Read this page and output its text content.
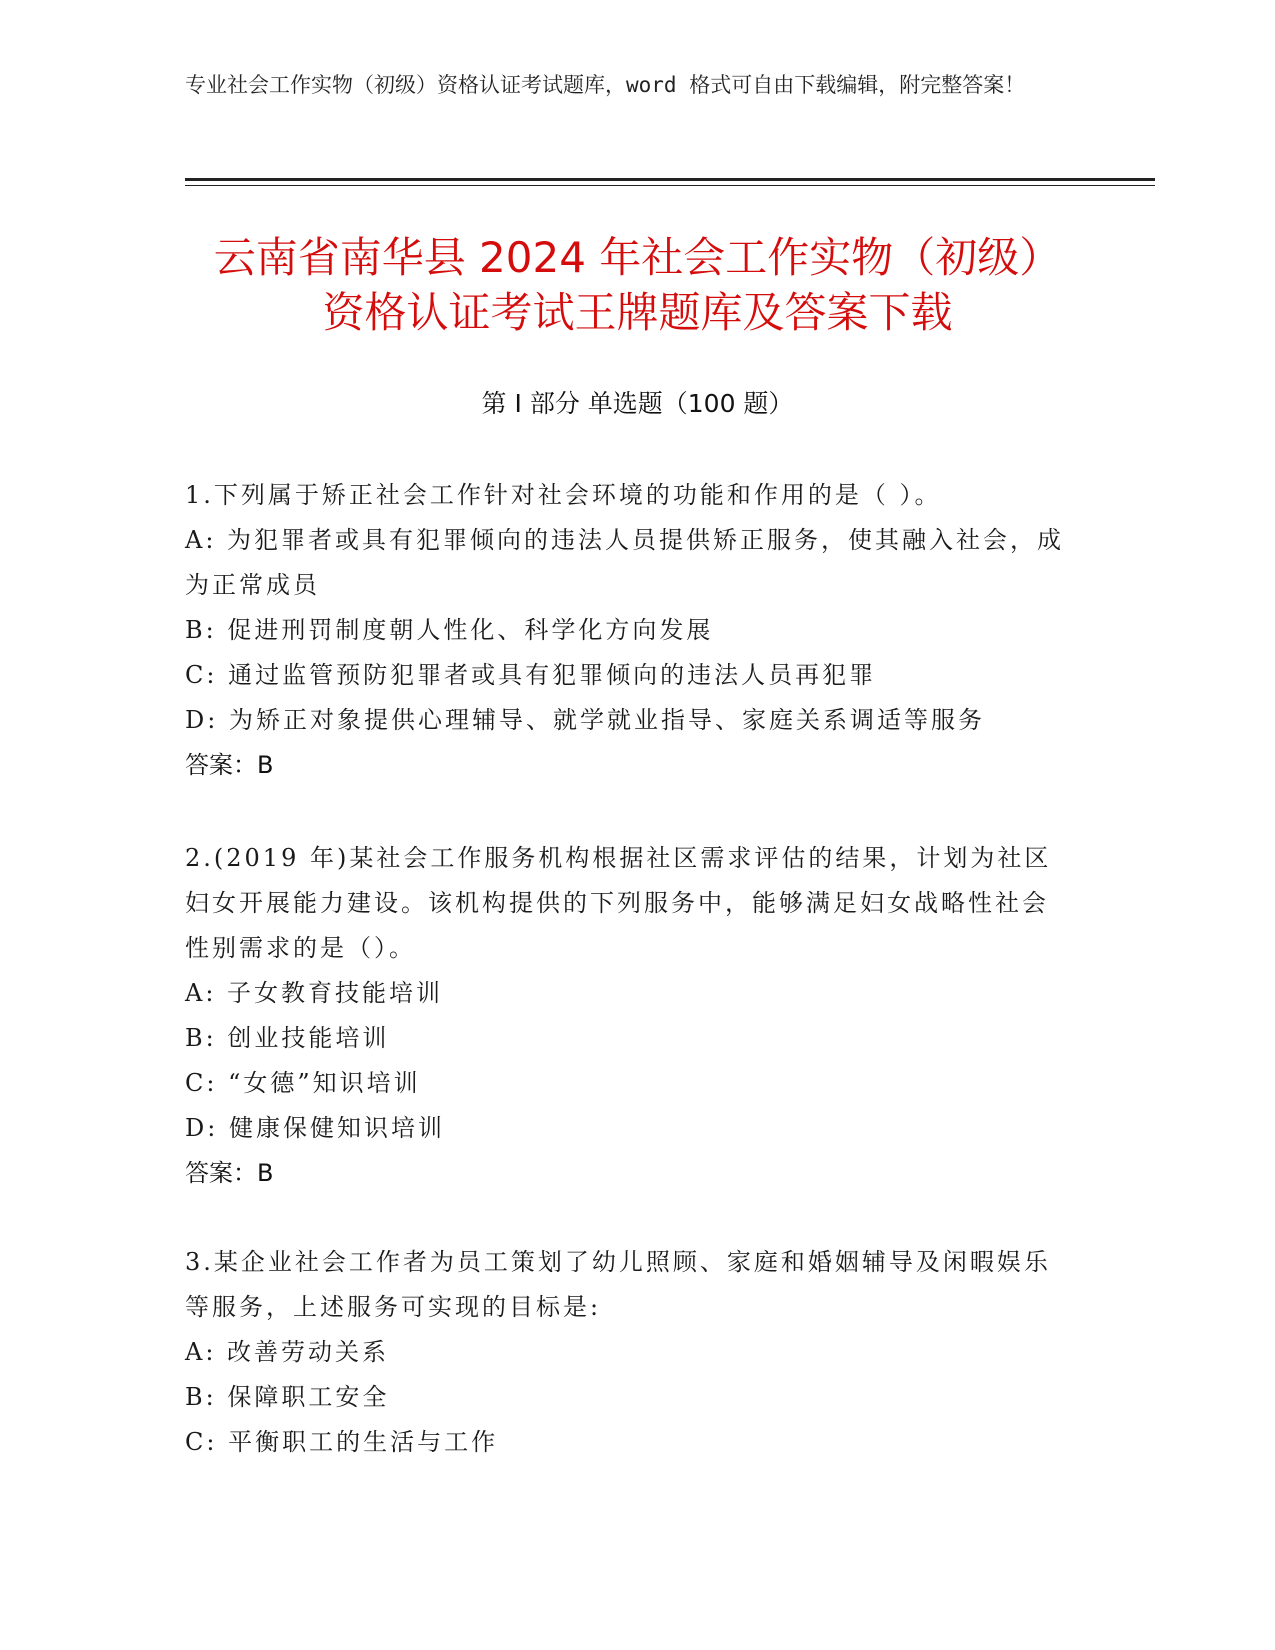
专业社会工作实物（初级）资格认证考试题库，word 格式可自由下载编辑，附完整答案！
云南省南华县 2024 年社会工作实物（初级）
资格认证考试王牌题库及答案下载
第 I 部分 单选题（100 题）

1.下列属于矫正社会工作针对社会环境的功能和作用的是（ ）。

A: 为犯罪者或具有犯罪倾向的违法人员提供矫正服务，使其融入社会，成为正常成员

B: 促进刑罚制度朝人性化、科学化方向发展

C: 通过监管预防犯罪者或具有犯罪倾向的违法人员再犯罪

D: 为矫正对象提供心理辅导、就学就业指导、家庭关系调适等服务

答案：B

2.(2019 年)某社会工作服务机构根据社区需求评估的结果，计划为社区妇女开展能力建设。该机构提供的下列服务中，能够满足妇女战略性社会性别需求的是（）。

A: 子女教育技能培训

B: 创业技能培训

C: “女德”知识培训

D: 健康保健知识培训

答案：B

3.某企业社会工作者为员工策划了幼儿照顾、家庭和婚姻辅导及闲暇娱乐等服务，上述服务可实现的目标是:

A: 改善劳动关系

B: 保障职工安全

C: 平衡职工的生活与工作
